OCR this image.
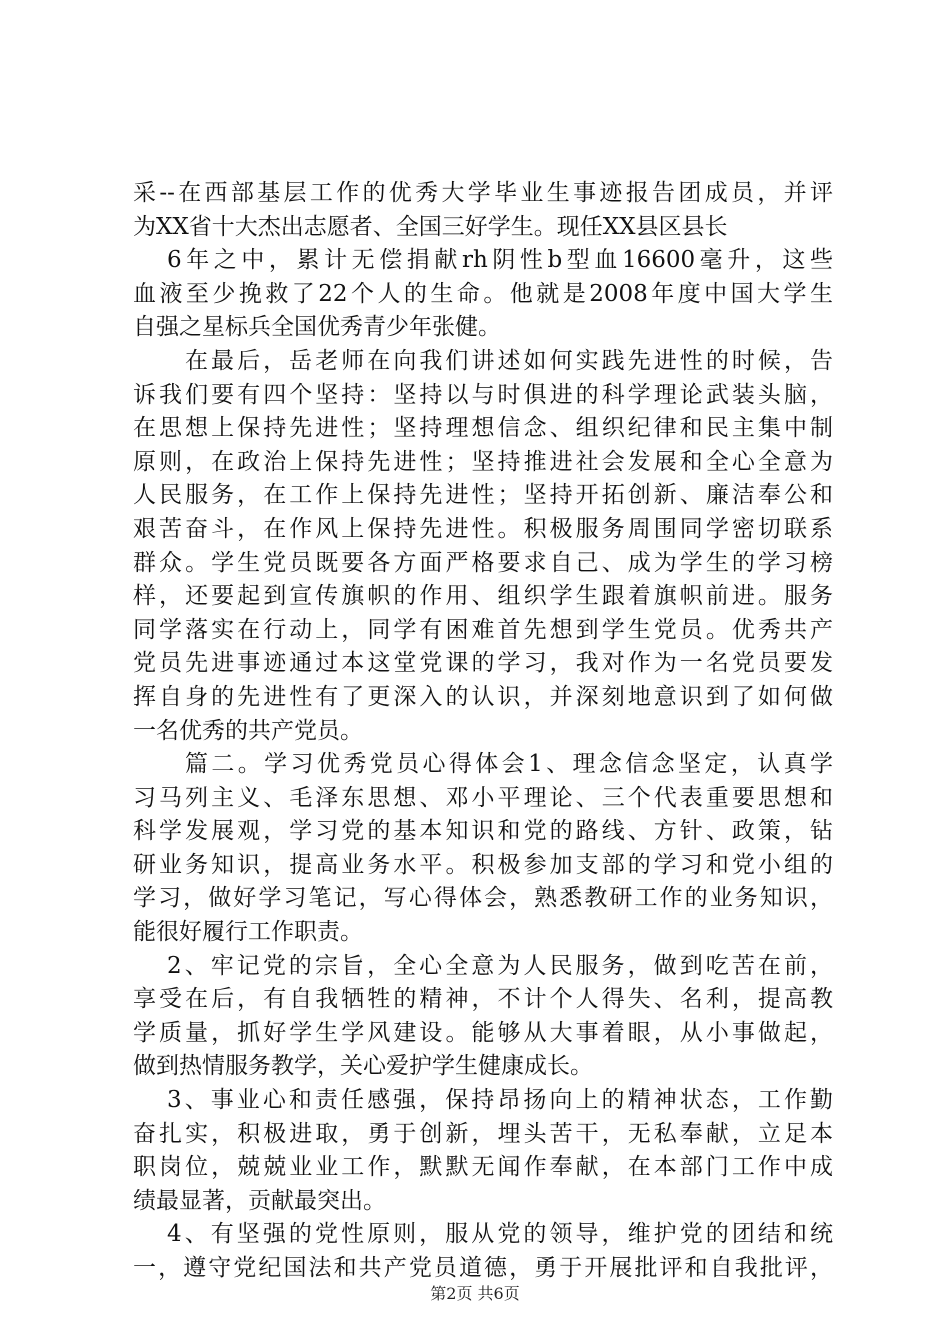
采--在西部基层工作的优秀大学毕业生事迹报告团成员，并评
为XX省十大杰出志愿者、全国三好学生。现任XX县区县长
6年之中，累计无偿捐献rh阴性b型血16600毫升，这些
血液至少挽救了22个人的生命。他就是2008年度中国大学生
自强之星标兵全国优秀青少年张健。
在最后，岳老师在向我们讲述如何实践先进性的时候，告
诉我们要有四个坚持：坚持以与时俱进的科学理论武装头脑，
在思想上保持先进性；坚持理想信念、组织纪律和民主集中制
原则，在政治上保持先进性；坚持推进社会发展和全心全意为
人民服务，在工作上保持先进性；坚持开拓创新、廉洁奉公和
艰苦奋斗，在作风上保持先进性。积极服务周围同学密切联系
群众。学生党员既要各方面严格要求自己、成为学生的学习榜
样，还要起到宣传旗帜的作用、组织学生跟着旗帜前进。服务
同学落实在行动上，同学有困难首先想到学生党员。优秀共产
党员先进事迹通过本这堂党课的学习，我对作为一名党员要发
挥自身的先进性有了更深入的认识，并深刻地意识到了如何做
一名优秀的共产党员。
篇二。学习优秀党员心得体会1、理念信念坚定，认真学
习马列主义、毛泽东思想、邓小平理论、三个代表重要思想和
科学发展观，学习党的基本知识和党的路线、方针、政策，钻
研业务知识，提高业务水平。积极参加支部的学习和党小组的
学习，做好学习笔记，写心得体会，熟悉教研工作的业务知识，
能很好履行工作职责。
2、牢记党的宗旨，全心全意为人民服务，做到吃苦在前，
享受在后，有自我牺牲的精神，不计个人得失、名利，提高教
学质量，抓好学生学风建设。能够从大事着眼，从小事做起，
做到热情服务教学，关心爱护学生健康成长。
3、事业心和责任感强，保持昂扬向上的精神状态，工作勤
奋扎实，积极进取，勇于创新，埋头苦干，无私奉献，立足本
职岗位，兢兢业业工作，默默无闻作奉献，在本部门工作中成
绩最显著，贡献最突出。
4、有坚强的党性原则，服从党的领导，维护党的团结和统
一，遵守党纪国法和共产党员道德，勇于开展批评和自我批评，
第2页 共6页
